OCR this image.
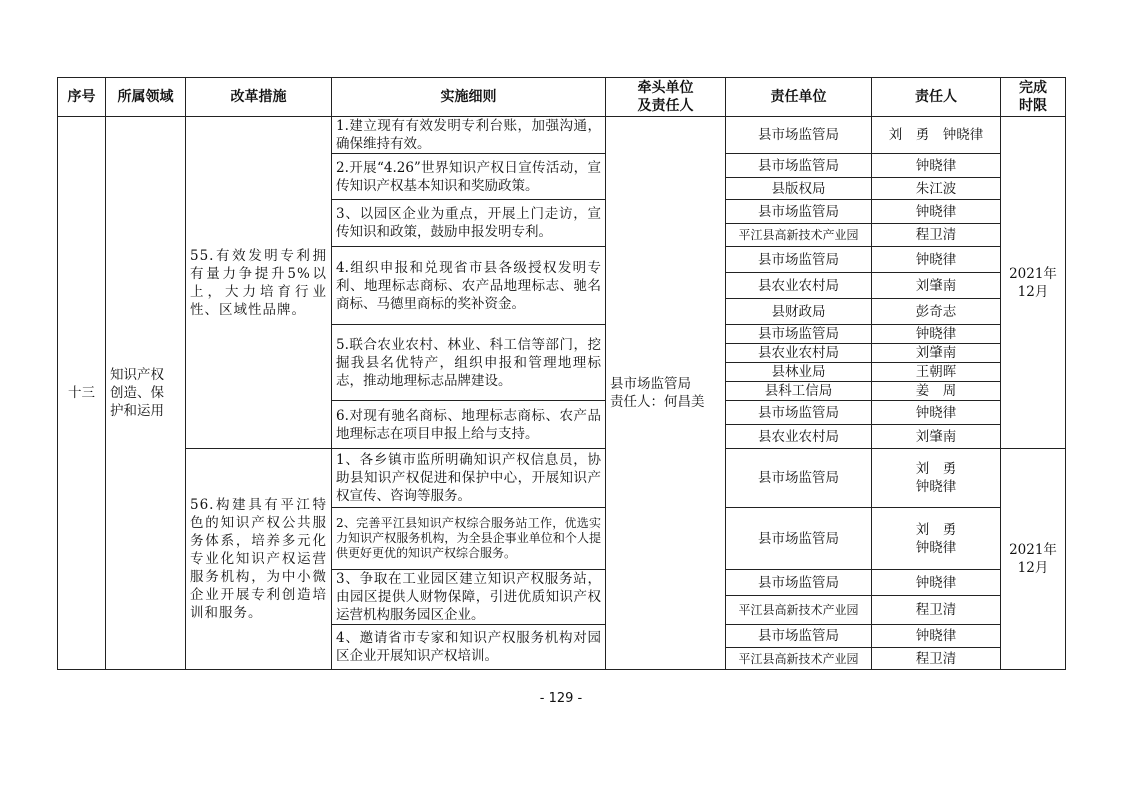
序号	所属领域	改革措施	实施细则	牵头单位
及责任人	责任单位	责任人	完成
时限

十三	知识产权
创造、保
护和运用	55.有效发明专利拥有量力争提升5%以上，大力培育行业性、区域性品牌。	1.建立现有有效发明专利台账，加强沟通，确保维持有效。	县市场监管局
责任人：何昌美	县市场监管局	刘　勇　钟晓律	2021年
12月

			2.开展“4.26”世界知识产权日宣传活动，宣传知识产权基本知识和奖励政策。		县市场监管局	钟晓律	
					县版权局	朱江波	
			3、以园区企业为重点，开展上门走访，宣传知识和政策，鼓励申报发明专利。		县市场监管局	钟晓律	
					平江县高新技术产业园	程卫清	
			4.组织申报和兑现省市县各级授权发明专利、地理标志商标、农产品地理标志、驰名商标、马德里商标的奖补资金。		县市场监管局	钟晓律	
					县农业农村局	刘肇南	
					县财政局	彭奇志	
			5.联合农业农村、林业、科工信等部门，挖掘我县名优特产，组织申报和管理地理标志，推动地理标志品牌建设。		县市场监管局	钟晓律	
					县农业农村局	刘肇南	
					县林业局	王朝晖	
					县科工信局	姜　周	
			6.对现有驰名商标、地理标志商标、农产品地理标志在项目申报上给与支持。		县市场监管局	钟晓律	
					县农业农村局	刘肇南	
		56.构建具有平江特色的知识产权公共服务体系，培养多元化专业化知识产权运营服务机构，为中小微企业开展专利创造培训和服务。	1、各乡镇市监所明确知识产权信息员，协助县知识产权促进和保护中心，开展知识产权宣传、咨询等服务。		县市场监管局	刘　勇
钟晓律	2021年
12月

			2、完善平江县知识产权综合服务站工作，优选实力知识产权服务机构，为全县企事业单位和个人提供更好更优的知识产权综合服务。		县市场监管局	刘　勇
钟晓律	

			3、争取在工业园区建立知识产权服务站，由园区提供人财物保障，引进优质知识产权运营机构服务园区企业。		县市场监管局	钟晓律	
					平江县高新技术产业园	程卫清	
			4、邀请省市专家和知识产权服务机构对园区企业开展知识产权培训。		县市场监管局	钟晓律	
					平江县高新技术产业园	程卫清	
- 129 -
